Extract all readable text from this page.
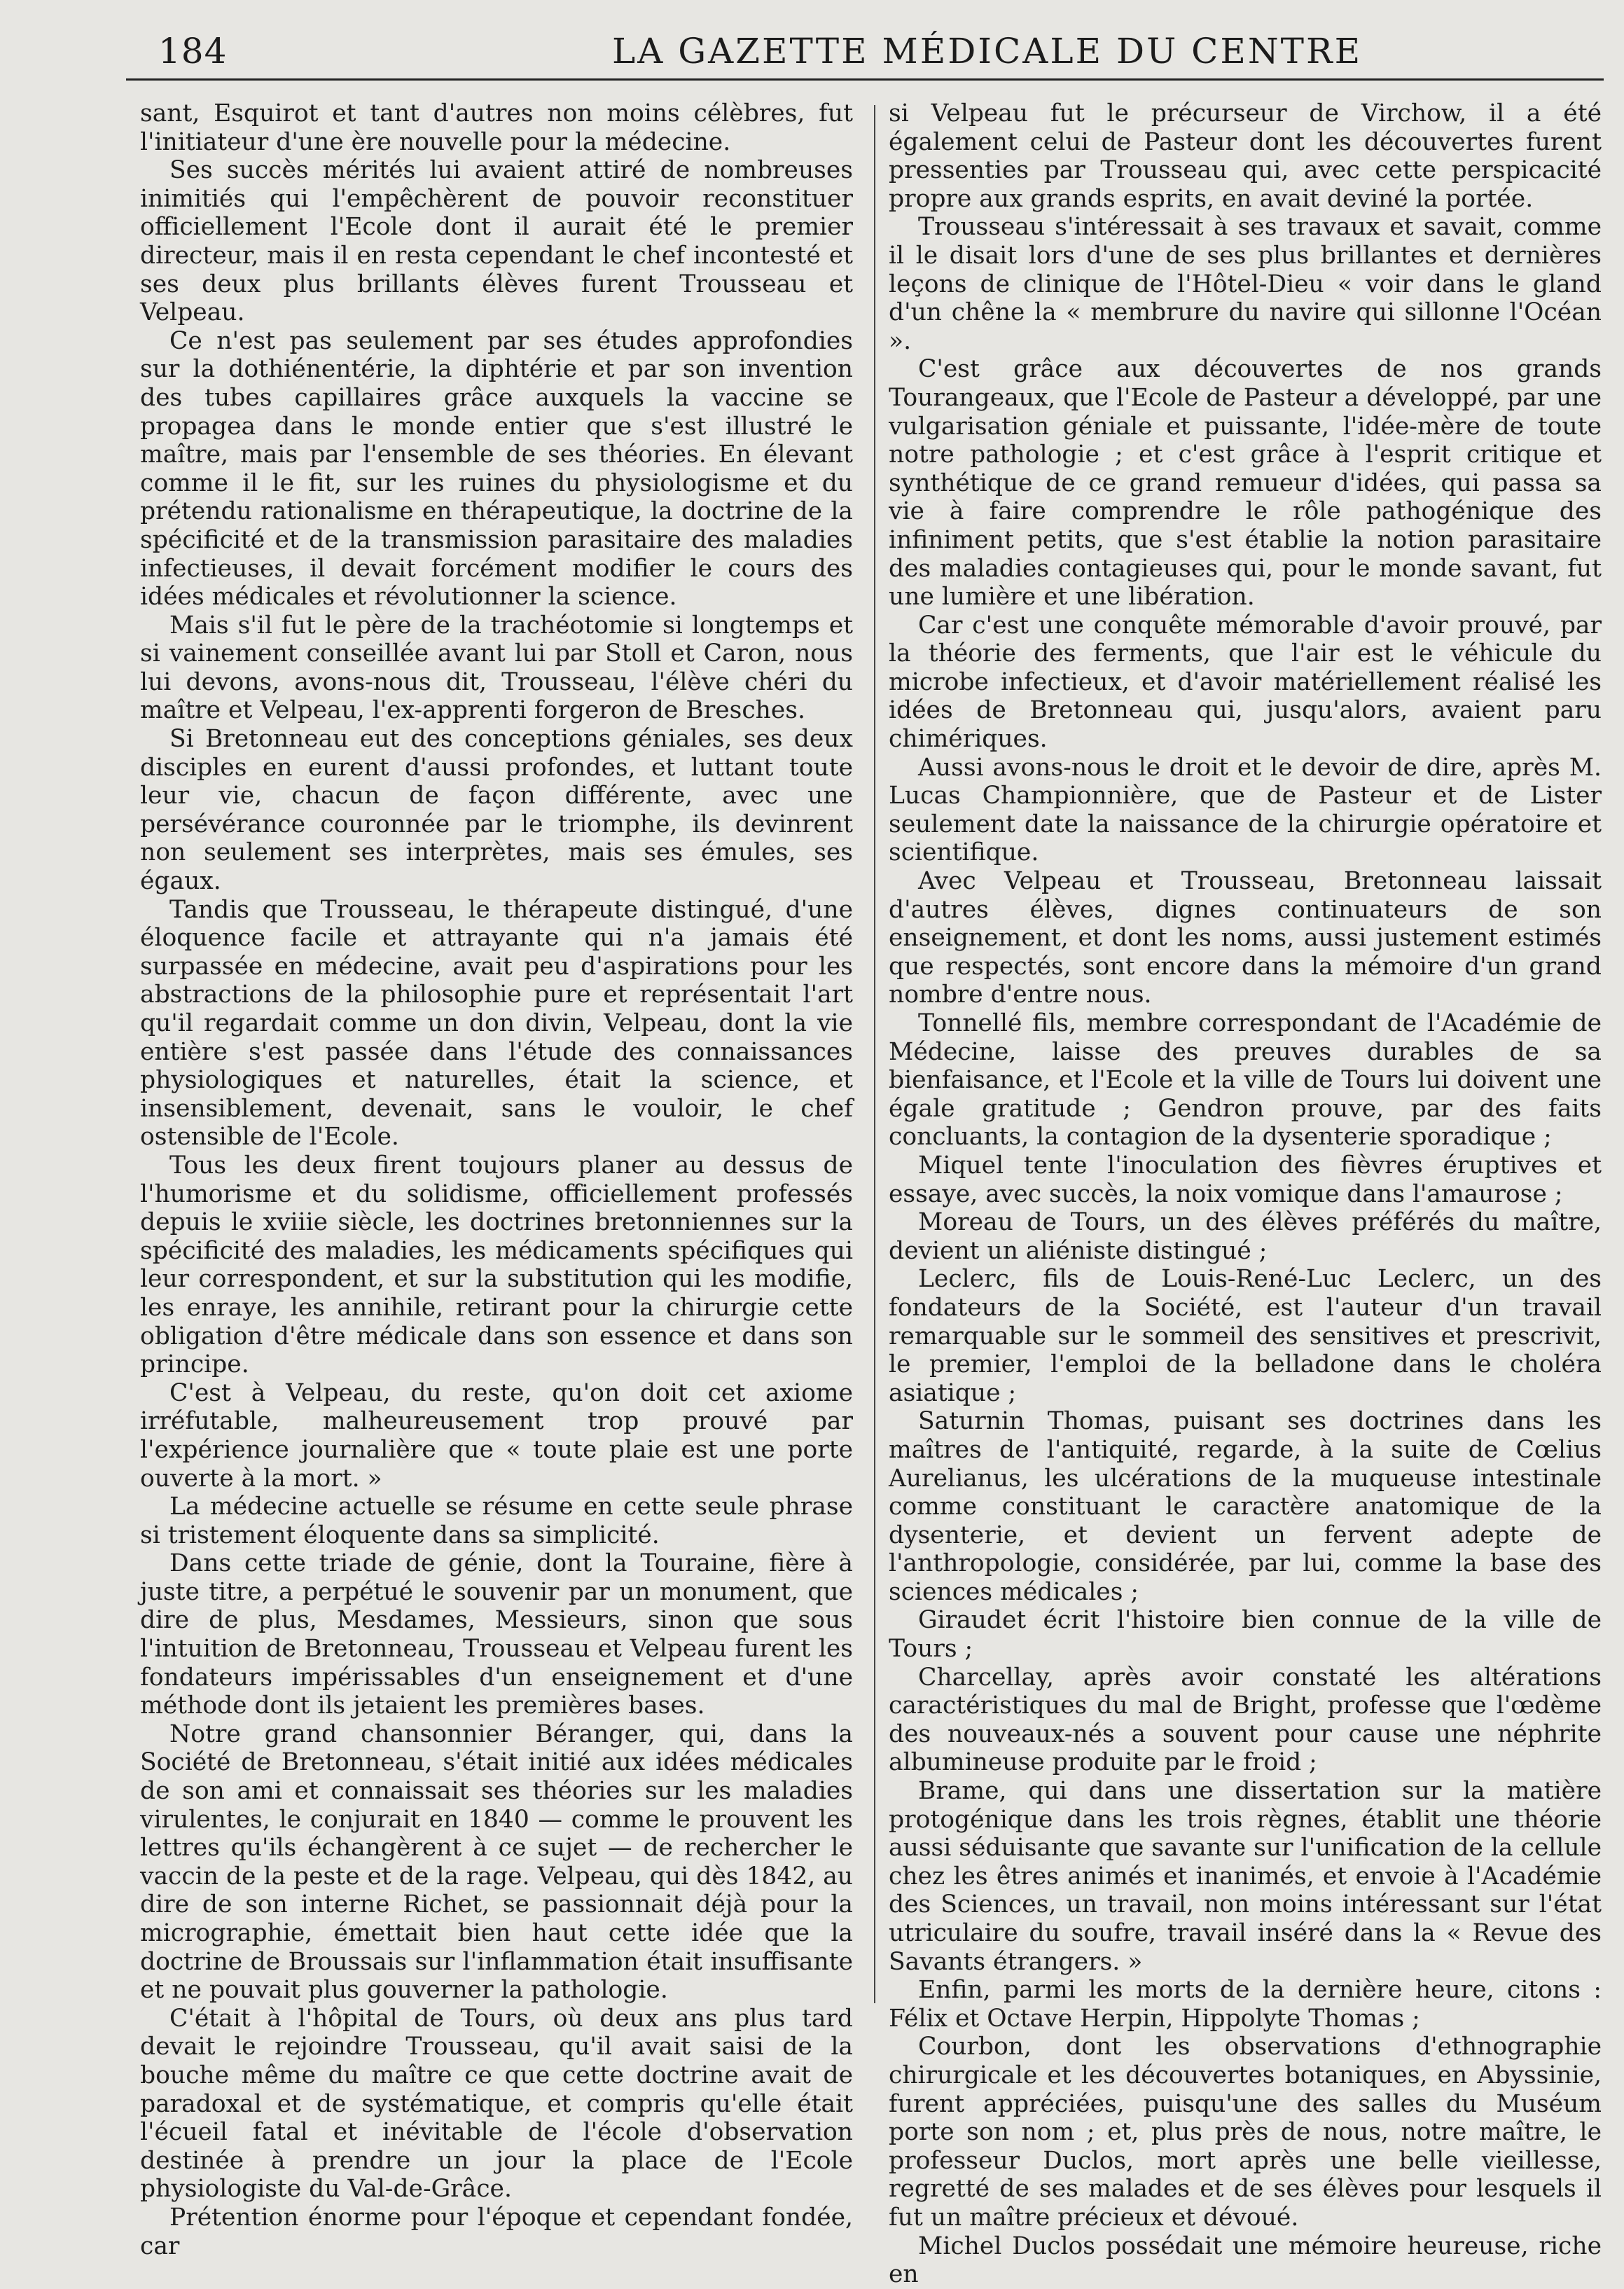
184	LA GAZETTE MÉDICALE DU CENTRE

sant, Esquirot et tant d'autres non moins célèbres, fut l'initiateur d'une ère nouvelle pour la médecine.

Ses succès mérités lui avaient attiré de nombreuses inimitiés qui l'empêchèrent de pouvoir reconstituer officiellement l'Ecole dont il aurait été le premier directeur, mais il en resta cependant le chef incontesté et ses deux plus brillants élèves furent Trousseau et Velpeau.

Ce n'est pas seulement par ses études approfondies sur la dothiénentérie, la diphtérie et par son invention des tubes capillaires grâce auxquels la vaccine se propagea dans le monde entier que s'est illustré le maître, mais par l'ensemble de ses théories. En élevant comme il le fit, sur les ruines du physiologisme et du prétendu rationalisme en thérapeutique, la doctrine de la spécificité et de la transmission parasitaire des maladies infectieuses, il devait forcément modifier le cours des idées médicales et révolutionner la science.

Mais s'il fut le père de la trachéotomie si longtemps et si vainement conseillée avant lui par Stoll et Caron, nous lui devons, avons-nous dit, Trousseau, l'élève chéri du maître et Velpeau, l'ex-apprenti forgeron de Bresches.

Si Bretonneau eut des conceptions géniales, ses deux disciples en eurent d'aussi profondes, et luttant toute leur vie, chacun de façon différente, avec une persévérance couronnée par le triomphe, ils devinrent non seulement ses interprètes, mais ses émules, ses égaux.

Tandis que Trousseau, le thérapeute distingué, d'une éloquence facile et attrayante qui n'a jamais été surpassée en médecine, avait peu d'aspirations pour les abstractions de la philosophie pure et représentait l'art qu'il regardait comme un don divin, Velpeau, dont la vie entière s'est passée dans l'étude des connaissances physiologiques et naturelles, était la science, et insensiblement, devenait, sans le vouloir, le chef ostensible de l'Ecole.

Tous les deux firent toujours planer au dessus de l'humorisme et du solidisme, officiellement professés depuis le xviiie siècle, les doctrines bretonniennes sur la spécificité des maladies, les médicaments spécifiques qui leur correspondent, et sur la substitution qui les modifie, les enraye, les annihile, retirant pour la chirurgie cette obligation d'être médicale dans son essence et dans son principe.

C'est à Velpeau, du reste, qu'on doit cet axiome irréfutable, malheureusement trop prouvé par l'expérience journalière que « toute plaie est une porte ouverte à la mort. »

La médecine actuelle se résume en cette seule phrase si tristement éloquente dans sa simplicité.

Dans cette triade de génie, dont la Touraine, fière à juste titre, a perpétué le souvenir par un monument, que dire de plus, Mesdames, Messieurs, sinon que sous l'intuition de Bretonneau, Trousseau et Velpeau furent les fondateurs impérissables d'un enseignement et d'une méthode dont ils jetaient les premières bases.

Notre grand chansonnier Béranger, qui, dans la Société de Bretonneau, s'était initié aux idées médicales de son ami et connaissait ses théories sur les maladies virulentes, le conjurait en 1840 — comme le prouvent les lettres qu'ils échangèrent à ce sujet — de rechercher le vaccin de la peste et de la rage. Velpeau, qui dès 1842, au dire de son interne Richet, se passionnait déjà pour la micrographie, émettait bien haut cette idée que la doctrine de Broussais sur l'inflammation était insuffisante et ne pouvait plus gouverner la pathologie.

C'était à l'hôpital de Tours, où deux ans plus tard devait le rejoindre Trousseau, qu'il avait saisi de la bouche même du maître ce que cette doctrine avait de paradoxal et de systématique, et compris qu'elle était l'écueil fatal et inévitable de l'école d'observation destinée à prendre un jour la place de l'Ecole physiologiste du Val-de-Grâce.

Prétention énorme pour l'époque et cependant fondée, car

si Velpeau fut le précurseur de Virchow, il a été également celui de Pasteur dont les découvertes furent pressenties par Trousseau qui, avec cette perspicacité propre aux grands esprits, en avait deviné la portée.

Trousseau s'intéressait à ses travaux et savait, comme il le disait lors d'une de ses plus brillantes et dernières leçons de clinique de l'Hôtel-Dieu « voir dans le gland d'un chêne la « membrure du navire qui sillonne l'Océan ».

C'est grâce aux découvertes de nos grands Tourangeaux, que l'Ecole de Pasteur a développé, par une vulgarisation géniale et puissante, l'idée-mère de toute notre pathologie ; et c'est grâce à l'esprit critique et synthétique de ce grand remueur d'idées, qui passa sa vie à faire comprendre le rôle pathogénique des infiniment petits, que s'est établie la notion parasitaire des maladies contagieuses qui, pour le monde savant, fut une lumière et une libération.

Car c'est une conquête mémorable d'avoir prouvé, par la théorie des ferments, que l'air est le véhicule du microbe infectieux, et d'avoir matériellement réalisé les idées de Bretonneau qui, jusqu'alors, avaient paru chimériques.

Aussi avons-nous le droit et le devoir de dire, après M. Lucas Championnière, que de Pasteur et de Lister seulement date la naissance de la chirurgie opératoire et scientifique.

Avec Velpeau et Trousseau, Bretonneau laissait d'autres élèves, dignes continuateurs de son enseignement, et dont les noms, aussi justement estimés que respectés, sont encore dans la mémoire d'un grand nombre d'entre nous.

Tonnellé fils, membre correspondant de l'Académie de Médecine, laisse des preuves durables de sa bienfaisance, et l'Ecole et la ville de Tours lui doivent une égale gratitude ; Gendron prouve, par des faits concluants, la contagion de la dysenterie sporadique ;

Miquel tente l'inoculation des fièvres éruptives et essaye, avec succès, la noix vomique dans l'amaurose ;

Moreau de Tours, un des élèves préférés du maître, devient un aliéniste distingué ;

Leclerc, fils de Louis-René-Luc Leclerc, un des fondateurs de la Société, est l'auteur d'un travail remarquable sur le sommeil des sensitives et prescrivit, le premier, l'emploi de la belladone dans le choléra asiatique ;

Saturnin Thomas, puisant ses doctrines dans les maîtres de l'antiquité, regarde, à la suite de Cœlius Aurelianus, les ulcérations de la muqueuse intestinale comme constituant le caractère anatomique de la dysenterie, et devient un fervent adepte de l'anthropologie, considérée, par lui, comme la base des sciences médicales ;

Giraudet écrit l'histoire bien connue de la ville de Tours ;

Charcellay, après avoir constaté les altérations caractéristiques du mal de Bright, professe que l'œdème des nouveaux-nés a souvent pour cause une néphrite albumineuse produite par le froid ;

Brame, qui dans une dissertation sur la matière protogénique dans les trois règnes, établit une théorie aussi séduisante que savante sur l'unification de la cellule chez les êtres animés et inanimés, et envoie à l'Académie des Sciences, un travail, non moins intéressant sur l'état utriculaire du soufre, travail inséré dans la « Revue des Savants étrangers. »

Enfin, parmi les morts de la dernière heure, citons : Félix et Octave Herpin, Hippolyte Thomas ;

Courbon, dont les observations d'ethnographie chirurgicale et les découvertes botaniques, en Abyssinie, furent appréciées, puisqu'une des salles du Muséum porte son nom ; et, plus près de nous, notre maître, le professeur Duclos, mort après une belle vieillesse, regretté de ses malades et de ses élèves pour lesquels il fut un maître précieux et dévoué.

Michel Duclos possédait une mémoire heureuse, riche en
